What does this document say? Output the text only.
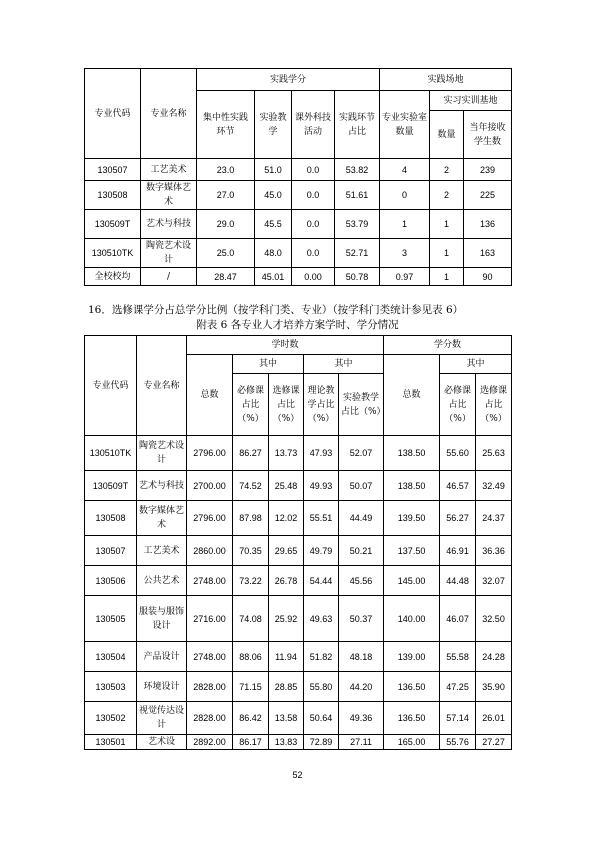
专业代码	专业名称	实践学分				实践场地		
		集中性实践环节	实验教学	课外科技活动	实践环节占比	专业实验室数量	实习实训基地	
							数量	当年接收学生数
130507	工艺美术	23.0	51.0	0.0	53.82	4	2	239
130508	数字媒体艺术	27.0	45.0	0.0	51.61	0	2	225
130509T	艺术与科技	29.0	45.5	0.0	53.79	1	1	136
130510TK	陶瓷艺术设计	25.0	48.0	0.0	52.71	3	1	163
全校校均	/	28.47	45.01	0.00	50.78	0.97	1	90
16．选修课学分占总学分比例（按学科门类、专业）（按学科门类统计参见表 6）
附表 6 各专业人才培养方案学时、学分情况
专业代码	专业名称	学时数					学分数		
		总数	其中		其中		总数	其中	
			必修课占比（%）	选修课占比（%）	理论教学占比（%）	实验教学占比（%）		必修课占比（%）	选修课占比（%）
130510TK	陶瓷艺术设计	2796.00	86.27	13.73	47.93	52.07	138.50	55.60	25.63
130509T	艺术与科技	2700.00	74.52	25.48	49.93	50.07	138.50	46.57	32.49
130508	数字媒体艺术	2796.00	87.98	12.02	55.51	44.49	139.50	56.27	24.37
130507	工艺美术	2860.00	70.35	29.65	49.79	50.21	137.50	46.91	36.36
130506	公共艺术	2748.00	73.22	26.78	54.44	45.56	145.00	44.48	32.07
130505	服装与服饰设计	2716.00	74.08	25.92	49.63	50.37	140.00	46.07	32.50
130504	产品设计	2748.00	88.06	11.94	51.82	48.18	139.00	55.58	24.28
130503	环境设计	2828.00	71.15	28.85	55.80	44.20	136.50	47.25	35.90
130502	视觉传达设计	2828.00	86.42	13.58	50.64	49.36	136.50	57.14	26.01
130501	艺术设	2892.00	86.17	13.83	72.89	27.11	165.00	55.76	27.27
52
